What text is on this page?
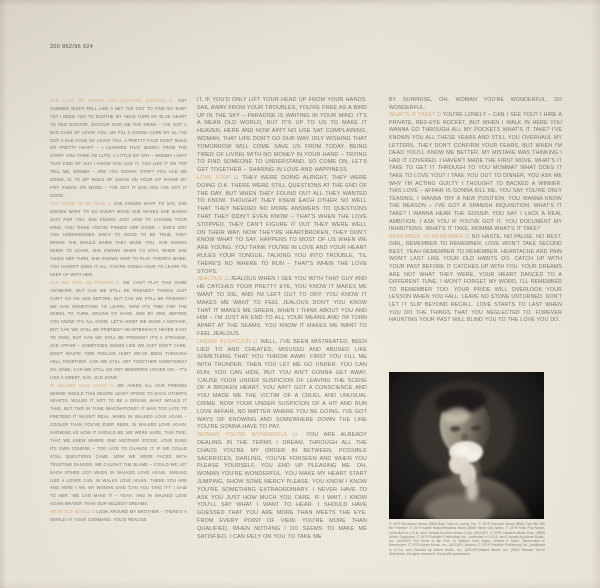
200 862/96 924

BAD CASE OF LOVING YOU (DOCTOR, DOCTOR) □ HOT SUMMER NIGHT FELL LIKE A NET I'VE GOT TO FIND MY BABY YET I NEED YOU TO SOOTHE MY HEAD TURN MY BLUE HEART TO RED DOCTOR, DOCTOR GIVE ME THE NEWS – I'VE GOT A BAD CASE OF LOVIN' YOU. NO PILL'S GONNA CURE MY ILL I'VE GOT A BAD CASE OF LOVIN' YOU. A PRETTY FACE DON'T MAKE NO PRETTY HEART – I LEARNED THAT, BUDDY, FROM THE START. YOU THINK I'M CUTE, A LITTLE BIT SHY – MOMMA I AIN'T THAT KIND OF GUY I KNOW YOU LIKE IT, YOU LIKE IT ON TOP TELL ME, MOMMA – ARE YOU GONNA' STOP? YOU HAD ME DOWN, 21 TO ZIP SMILE OF JUDAS ON YOUR LIP SHAKE MY FIST KNOCK ON WOOD – I'VE GOT IT BAD AND I'VE GOT IT GOOD.

TOO GOOD TO BE TRUE □ SHE KNOWS WHAT TO SAY, SHE KNOWS WHAT TO DO EVERY MOVE SHE MAKES SHE MAKES JUST FOR YOU. SHE KNOWS JUST HOW TO CHANGE YOUR MIND, YOU THINK YOU'VE PINNED HER DOWN – SHE'S GOT YOU UNDERSIGNED SHE'S TO GOOD TO BE TRUE, THEY BROKE THE MOULD WHEN THEY MADE YOU. SHE KNOWS WHEN TO LEAVE, SHE KNOWS WHEN TO STAY, WHEN SHE TAKES HER TURN, SHE KNOWS HOW TO PLAY. THERE'S MORE, YOU HAVEN'T SEEN IT ALL. YOU'RE GONNA HAVE TO LEARN TO KEEP UP WITH HER.

CAN WE STILL BE FRIENDS □ WE CAN'T PLAY THIS GAME ANYMORE, BUT CAN WE STILL BE FRIENDS? THINGS JUST CAN'T GO ON LIKE BEFORE, BUT CAN WE STILL BE FRIENDS? WE HAD SOMETHING TO LEARN, NOW IT'S TIME FOR THE WHEEL TO TURN. GRAINS OF SAND, ONE BY ONE, BEFORE YOU KNOW IT'S ALL GONE. LET'S ADMIT WE MADE A MISTAKE, BUT CAN WE STILL BE FRIENDS? HEARTBREAK'S NEVER EASY TO TAKE, BUT CAN WE STILL BE FRIENDS? IT'S A STRANGE, SAD AFFAIR – SOMETIMES SEEMS LIKE WE JUST DON'T CARE. DON'T WASTE TIME FEELING HURT WE'VE BEEN THROUGH HELL TOGETHER. CAN WE STILL GET TOGETHER SOMETIMES? OH, BABE, CAN WE STILL GO ON? MEMORIES LINGER ON – IT'S LIKE A SWEET, SAD, OLD SONG.

IN WALKED LOVE AGAIN □ WE ASKED ALL OUR FRIENDS WHERE WOULD THIS DESIRE LEAD? SPOKE TO EACH OTHER'S HEARTS, WILLED IT NOT TO BE A DREAM, WHAT WOULD IT TAKE, BUT TWO IN TUNE IMAGINATIONS? IT WAS TOO LATE TO PRETEND IT WASN'T REAL. WHEN IN WALKED LOVE AGAIN – COOLER THAN YOU'VE EVER SEEN, IN WALKED LOVE AGAIN, SHOWING US HOW IT SHOULD BE. WE WERE SURE, THIS TIME, THAT WE KNEW WHERE ONE ANOTHER STOOD. LOVE RUNS ITS OWN COURSE – TOO LATE TO CHANGE IT. IF WE COULD STILL QUESTIONS CAME. NOW WE WERE FACED WITH TRUSTING DANGER. WE CAUGHT THE BLAME – COULD WE LET EACH OTHER GO? WHEN IN WALKED LOVE AGAIN, SMILING LIKE A LOVER CAN, IN WALKS LOVE AGAIN, THERE YOU ARE AND HERE I AM. MY WOMAN SAID 'CAN YOU TAKE IT?' I SAID TO HER, 'WE CAN MAKE IT – YEAH.' AND IN WALKED LOVE AGAIN BRAVER THAN OUR WILDEST DREAMS.

MEAN OLD WORLD □ LOOK AROUND MY BROTHER – THERE'S A WORLD AT YOUR COMMAND. YOU'D REALISE

IT, IF YOU'D ONLY LIFT YOUR HEAD UP FROM YOUR HANDS. SAIL AWAY FROM YOUR TROUBLES, YOU'RE FREE AS A BIRD UP IN THE SKY – PARADISE IS WAITING IN YOUR MIND. IT'S A MEAN OLD WORLD, BUT IT'S UP TO US TO MAKE IT HEAVEN, HERE AND NOW AIN'T NO USE SAT COMPLAINING, WOMAN, THAT LIFE DON'T GO OUR WAY. IDLY WISHING THAT TOMORROW WILL COME SAVE US FROM TODAY. BEING TIRED OF LIVING WITH NO MONEY IN YOUR HAND – TRYING TO FIND SOMEONE TO UNDERSTAND. SO COME ON, LET'S GET TOGETHER – SHARING IN LOVE AND HAPPINESS.

LOVE STOP □ THEY WERE DOING ALRIGHT, THEY WERE DOING O.K. THERE WERE STILL QUESTIONS AT THE END OF THE DAY, BUT WHEN THEY FOUND OUT ALL THEY WANTED TO KNOW. THOUGHT THEY KNEW EACH OTHER SO WELL THAT THEY NEEDED NO MORE ANSWERS TO QUESTIONS THAT THEY DIDN'T EVEN KNOW – THAT'S WHEN THE LOVE STOPPED. THEY CAN'T FIGURE IT OUT THEY WERE WELL ON THEIR WAY, NOW THEY'RE HEARTBROKEN, THEY DON'T KNOW WHAT TO SAY. HAPPENS TO MOST OF US WHEN WE ARE YOUNG. YOU THINK YOU'RE IN LOVE AND YOUR HEART RULES YOUR TONGUE, TALKING YOU INTO TROUBLE, 'TIL THERE'S NO WHERE TO RUN – THAT'S WHEN THE LOVE STOPS.

JEALOUS □ JEALOUS WHEN I SEE YOU WITH THAT GUY AND HE CATCHES YOUR PRETTY EYE, YOU KNOW IT MAKES ME WANT TO DIE, AND I'M LEFT OUT TO DRY. YOU KNOW IT MAKES ME WANT TO FEEL JEALOUS DON'T YOU KNOW THAT IT MAKES ME GREEN, WHEN I THINK ABOUT YOU AND HIM – I'M JUST AN END TO ALL YOUR MEANS AND I'M TORN APART AT THE SEAMS. YOU KNOW IT MAKES ME WANT TO FEEL JEALOUS.

UNDER SUSPICION □ WELL, I'VE BEEN MISTREATED, BEEN LIED TO AND CHEATED, MISUSED AND ABUSED LIKE SOMETHING THAT YOU THROW AWAY. FIRST YOU FILL ME WITH THUNDER, THEN YOU LET ME GO UNDER. YOU CAN RUN, YOU CAN HIDE, BUT YOU AIN'T GONNA GET AWAY, 'CAUSE YOUR UNDER SUSPICION OF LEAVING THE SCENE OF A BROKEN HEART. YOU AIN'T GOT A CONSCIENCE AND YOU MADE ME THE VICTIM OF A CRUEL AND UNUSUAL CRIME. NOW YOUR UNDER SUSPICION OF A HIT AND RUN LOVE AFFAIR. NO MATTER WHERE YOU BE GOING, I'VE GOT WAYS OF KNOWING AND SOMEWHERE DOWN THE LINE YOU'RE GONNA HAVE TO PAY.

WOMAN YOU'RE WONDERFUL □ YOU ARE ALREADY DEALING IN THE TERMS I DREAM. THROUGH ALL THE CHAOS YOU'RE MY ORDER IN BETWEEN. POSSIBLE SACRIFICES, DARLING, YOU'VE FORSEEN AND WHEN YOU PLEASE YOURSELF, YOU END UP PLEASING ME. OH, WOMAN YOU'RE WONDERFUL. YOU MAKE MY HEART START JUMPING, SHOW SOME MERCY PLEASE. YOU KNOW I KNOW YOU'RE SOMETHING EXTRAORDINARY. I NEVER HAVE TO ASK YOU JUST HOW MUCH YOU CARE. IF I WAIT, I KNOW YOU'LL SAY WHAT I WANT TO HEAR. I SHOULD HAVE GUESSED THAT YOU ARE MORE THAN MEETS THE EYE. FROM EVERY POINT OF VIEW, YOU'RE MORE THAN QUALIFIED. WHEN NOTHING I DO SEEMS TO MAKE ME SATISFIED, I CAN RELY ON YOU TO TAKE ME

BY SURPRISE, OH, WOMAN YOU'RE WONDERFUL, SO WONDERFUL.

WHAT'S IT TAKE? □ YOU'RE LONELY – CAN I SEE YOU? I HIRE A PRIVATE, RED-EYE ROCKET, BUT WHEN I WALK IN HERE YOU WANNA GO THROUGH ALL MY POCKETS WHAT'S IT TAKE? I'VE KNOWN YOU ALL THESE YEARS AND STILL YOU OVERHAUL MY LETTERS. THEY DON'T CONFIRM YOUR FEARS, BUT WHEN I'M DEAD YOU'LL KNOW ME BETTER. MY MISTAKE WAS THINKING I HAD IT COVERED. I HAVEN'T MADE THE FIRST MOVE. WHAT'S IT TAKE TO GET IT THROUGH TO YOU MOMMA? WHAT DOES IT TAKE TO LOVE YOU? I TAKE YOU OUT TO DINNER, YOU ASK ME WHY I'M ACTING GUILTY I THOUGHT I'D BACKED A WINNER. THIS LOVE – AFFAIR IS GONNA KILL ME. YOU SAY YOU'RE ONLY TEASING, I WANNA TRY A NEW POSITION, YOU WANNA KNOW THE REASON – I'VE GOT A SPANISH INQUISITION. WHAT'S IT TAKE? I WANNA HEAR THE GOSSIP. YOU SAY I LACK A REAL AMBITION. I ASK YOU IF YOU'VE GOT IT, YOU DOCUMENT MY INHIBITIONS. WHAT'S IT TAKE, MOMMA WHAT'S IT TAKE?

REMEMBER TO REMEMBER □ NO HASTE, NO PAUSE, NO REST, GIRL, REMEMBER TO REMEMBER. LOVE WON'T TAKE SECOND BEST. YEAH REMEMBER TO REMEMBER. HEARTACHE AND PAIN WON'T LAST LIKE YOUR OLD HABITS DO. CATCH UP WITH YOUR PAST BEFORE IT CATCHES UP WITH YOU. YOUR DREAMS ARE NOT WHAT THEY WERE, YOUR HEART DANCED TO A DIFFERENT TUNE. I WON'T FORGET MY WORD, I'LL REMEMBER TO REMEMBER TOO. YOUR PRIDE WILL OVERLOOK YOUR LESSON WHEN YOU FALL. LEAVE NO STONE UNTURNED, DON'T LET IT SLIP BEYOND RECALL. LOVE STARTS TO LAST WHEN YOU DO THE THINGS THAT YOU NEGLECTED TO. FOREVER HAUNTING YOUR PAST WILL BLIND YOU TO THE LOVE YOU DO.

© 1979 Rockslam Music (BMI) Bad Case of Loving You. © 1979 Earmark Music (BMI) Can We Still Be Friends? © 1979 Island Music/Restless Music (BMI) Mean Old World. © 1979 Rock Pop Music, controlled in U.S.A. and Canada by Almo Music Corp. (ASCAP). © 1979 Cambria Music Corp. (BMI) Under Suspicion. © 1979 Possible Publishing Ltd., controlled in U.S.A. and Canada by Ackee Music, Inc. (ASCAP) Too Good to Be True, In Walked Love Again, What's It Take?, Remember to Remember. © 1979 Ackee Music, Inc. (ASCAP) Jealous. © 1979 Possible Publishing Ltd., published in U.S.A. and Canada by Ackee Music, Inc. (ASCAP)/Island Music, Inc. (BMI) Woman You're Wonderful. All rights reserved. Used with permission.
